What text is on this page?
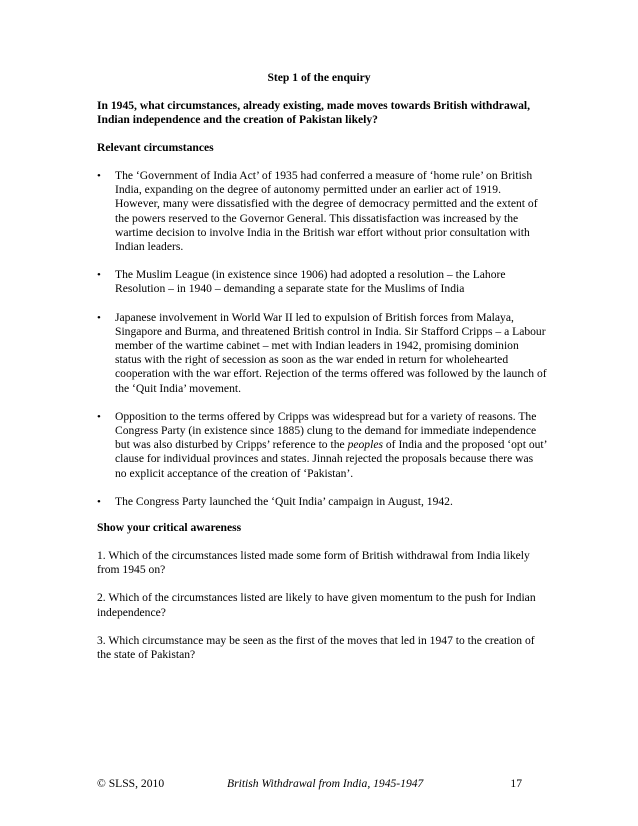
Step 1 of the enquiry
In 1945, what circumstances, already existing, made moves towards British withdrawal, Indian independence and the creation of Pakistan likely?
Relevant circumstances
• The ‘Government of India Act’ of 1935 had conferred a measure of ‘home rule’ on British India, expanding on the degree of autonomy permitted under an earlier act of 1919. However, many were dissatisfied with the degree of democracy permitted and the extent of the powers reserved to the Governor General. This dissatisfaction was increased by the wartime decision to involve India in the British war effort without prior consultation with Indian leaders.
• The Muslim League (in existence since 1906) had adopted a resolution – the Lahore Resolution – in 1940 – demanding a separate state for the Muslims of India
• Japanese involvement in World War II led to expulsion of British forces from Malaya, Singapore and Burma, and threatened British control in India. Sir Stafford Cripps – a Labour member of the wartime cabinet – met with Indian leaders in 1942, promising dominion status with the right of secession as soon as the war ended in return for wholehearted cooperation with the war effort. Rejection of the terms offered was followed by the launch of the ‘Quit India’ movement.
• Opposition to the terms offered by Cripps was widespread but for a variety of reasons. The Congress Party (in existence since 1885) clung to the demand for immediate independence but was also disturbed by Cripps’ reference to the peoples of India and the proposed ‘opt out’ clause for individual provinces and states. Jinnah rejected the proposals because there was no explicit acceptance of the creation of ‘Pakistan’.
• The Congress Party launched the ‘Quit India’ campaign in August, 1942.
Show your critical awareness
1. Which of the circumstances listed made some form of British withdrawal from India likely from 1945 on?
2. Which of the circumstances listed are likely to have given momentum to the push for Indian independence?
3. Which circumstance may be seen as the first of the moves that led in 1947 to the creation of the state of Pakistan?
© SLSS, 2010	British Withdrawal from India, 1945-1947	17
